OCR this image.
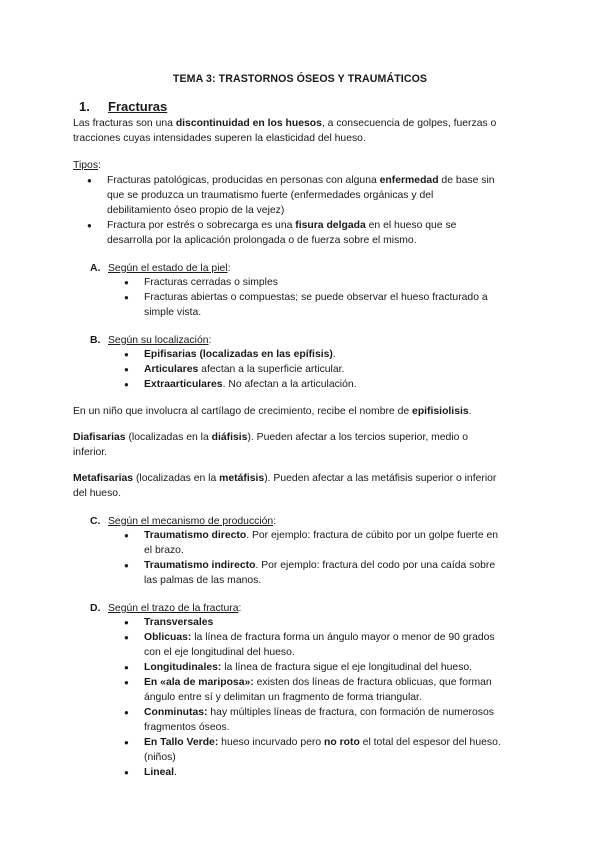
TEMA 3: TRASTORNOS ÓSEOS Y TRAUMÁTICOS
1. Fracturas
Las fracturas son una discontinuidad en los huesos, a consecuencia de golpes, fuerzas o
tracciones cuyas intensidades superen la elasticidad del hueso.
Tipos:
● Fracturas patológicas, producidas en personas con alguna enfermedad de base sin
que se produzca un traumatismo fuerte (enfermedades orgánicas y del
debilitamiento óseo propio de la vejez)
● Fractura por estrés o sobrecarga es una fisura delgada en el hueso que se
desarrolla por la aplicación prolongada o de fuerza sobre el mismo.
A. Según el estado de la piel:
● Fracturas cerradas o simples
● Fracturas abiertas o compuestas; se puede observar el hueso fracturado a
simple vista.
B. Según su localización:
● Epifisarias (localizadas en las epífisis).
● Articulares afectan a la superficie articular.
● Extraarticulares. No afectan a la articulación.
En un niño que involucra al cartílago de crecimiento, recibe el nombre de epifisiolisis.
Diafisarias (localizadas en la diáfisis). Pueden afectar a los tercios superior, medio o
inferior.
Metafisarias (localizadas en la metáfisis). Pueden afectar a las metáfisis superior o inferior
del hueso.
C. Según el mecanismo de producción:
● Traumatismo directo. Por ejemplo: fractura de cúbito por un golpe fuerte en
el brazo.
● Traumatismo indirecto. Por ejemplo: fractura del codo por una caída sobre
las palmas de las manos.
D. Según el trazo de la fractura:
● Transversales
● Oblicuas: la línea de fractura forma un ángulo mayor o menor de 90 grados
con el eje longitudinal del hueso.
● Longitudinales: la línea de fractura sigue el eje longitudinal del hueso.
● En «ala de mariposa»: existen dos líneas de fractura oblicuas, que forman
ángulo entre sí y delimitan un fragmento de forma triangular.
● Conminutas: hay múltiples líneas de fractura, con formación de numerosos
fragmentos óseos.
● En Tallo Verde: hueso incurvado pero no roto el total del espesor del hueso.
(niños)
● Lineal.
